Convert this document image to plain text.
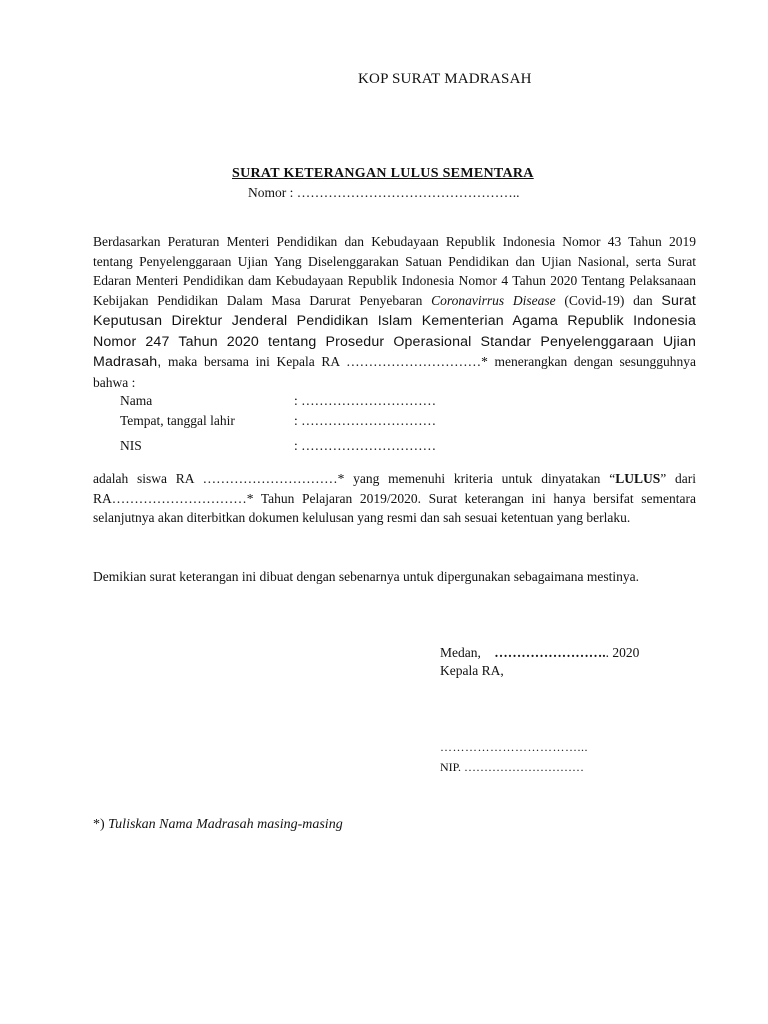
KOP SURAT MADRASAH
SURAT KETERANGAN LULUS SEMENTARA
Nomor : …………………………………………..
Berdasarkan Peraturan Menteri Pendidikan dan Kebudayaan Republik Indonesia Nomor 43 Tahun 2019 tentang Penyelenggaraan Ujian Yang Diselenggarakan Satuan Pendidikan dan Ujian Nasional, serta Surat Edaran Menteri Pendidikan dam Kebudayaan Republik Indonesia Nomor 4 Tahun 2020 Tentang Pelaksanaan Kebijakan Pendidikan Dalam Masa Darurat Penyebaran Coronavirrus Disease (Covid-19) dan Surat Keputusan Direktur Jenderal Pendidikan Islam Kementerian Agama Republik Indonesia Nomor 247 Tahun 2020 tentang Prosedur Operasional Standar Penyelenggaraan Ujian Madrasah, maka bersama ini Kepala RA …………………………* menerangkan dengan sesungguhnya bahwa :
Nama	: …………………………
Tempat, tanggal lahir	: …………………………
NIS	: …………………………
adalah siswa RA …………………………* yang memenuhi kriteria untuk dinyatakan “LULUS” dari RA…………………………* Tahun Pelajaran 2019/2020. Surat keterangan ini hanya bersifat sementara selanjutnya akan diterbitkan dokumen kelulusan yang resmi dan sah sesuai ketentuan yang berlaku.
Demikian surat keterangan ini dibuat dengan sebenarnya untuk dipergunakan sebagaimana mestinya.
Medan, …………………….. 2020
Kepala RA,
……………………………...
NIP. …………………………
*) Tuliskan Nama Madrasah masing-masing
